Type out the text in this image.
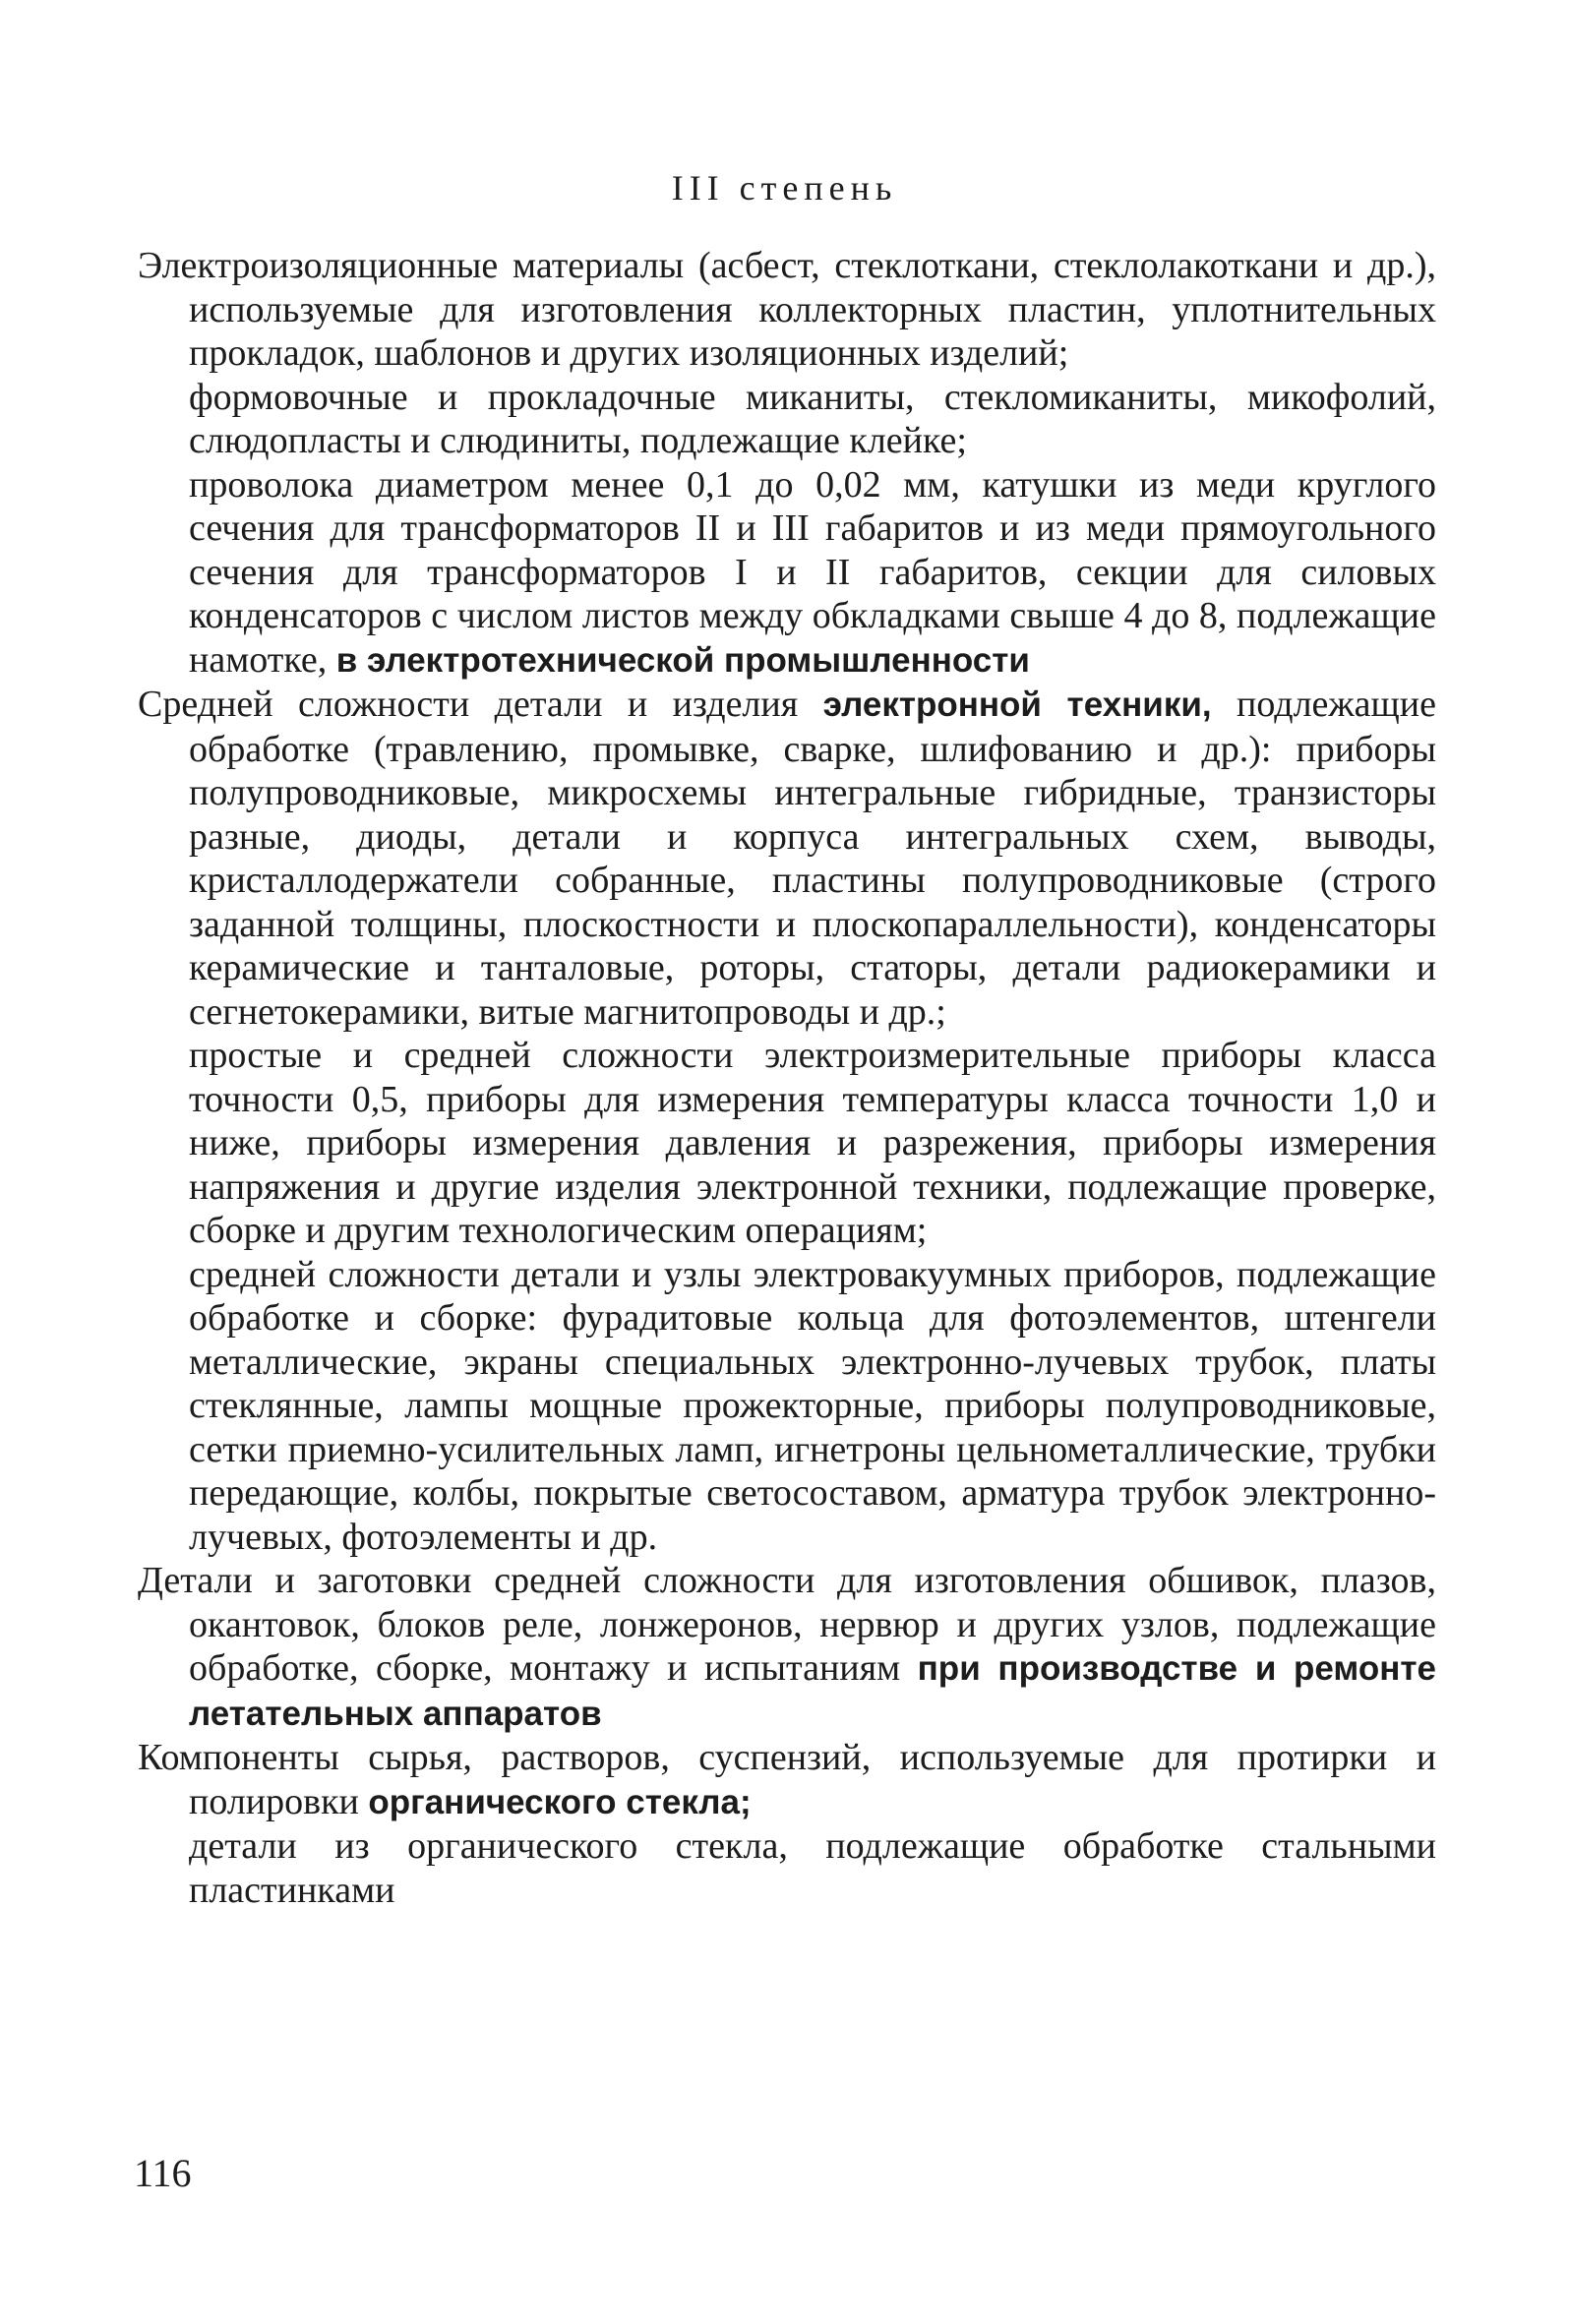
III степень

Электроизоляционные материалы (асбест, стеклоткани, стеклолакоткани и др.), используемые для изготовления коллекторных пластин, уплотнительных прокладок, шаблонов и других изоляционных изделий;

формовочные и прокладочные миканиты, стекломиканиты, микофолий, слюдопласты и слюдиниты, подлежащие клейке;

проволока диаметром менее 0,1 до 0,02 мм, катушки из меди круглого сечения для трансформаторов II и III габаритов и из меди прямоугольного сечения для трансформаторов I и II габаритов, секции для силовых конденсаторов с числом листов между обкладками свыше 4 до 8, подлежащие намотке, в электротехнической промышленности

Средней сложности детали и изделия электронной техники, подлежащие обработке (травлению, промывке, сварке, шлифованию и др.): приборы полупроводниковые, микросхемы интегральные гибридные, транзисторы разные, диоды, детали и корпуса интегральных схем, выводы, кристаллодержатели собранные, пластины полупроводниковые (строго заданной толщины, плоскостности и плоскопараллельности), конденсаторы керамические и танталовые, роторы, статоры, детали радиокерамики и сегнетокерамики, витые магнитопроводы и др.;

простые и средней сложности электроизмерительные приборы класса точности 0,5, приборы для измерения температуры класса точности 1,0 и ниже, приборы измерения давления и разрежения, приборы измерения напряжения и другие изделия электронной техники, подлежащие проверке, сборке и другим технологическим операциям;

средней сложности детали и узлы электровакуумных приборов, подлежащие обработке и сборке: фурадитовые кольца для фотоэлементов, штенгели металлические, экраны специальных электронно-лучевых трубок, платы стеклянные, лампы мощные прожекторные, приборы полупроводниковые, сетки приемно-усилительных ламп, игнетроны цельнометаллические, трубки передающие, колбы, покрытые светосоставом, арматура трубок электронно-лучевых, фотоэлементы и др.

Детали и заготовки средней сложности для изготовления обшивок, плазов, окантовок, блоков реле, лонжеронов, нервюр и других узлов, подлежащие обработке, сборке, монтажу и испытаниям при производстве и ремонте летательных аппаратов

Компоненты сырья, растворов, суспензий, используемые для протирки и полировки органического стекла;

детали из органического стекла, подлежащие обработке стальными пластинками

116
